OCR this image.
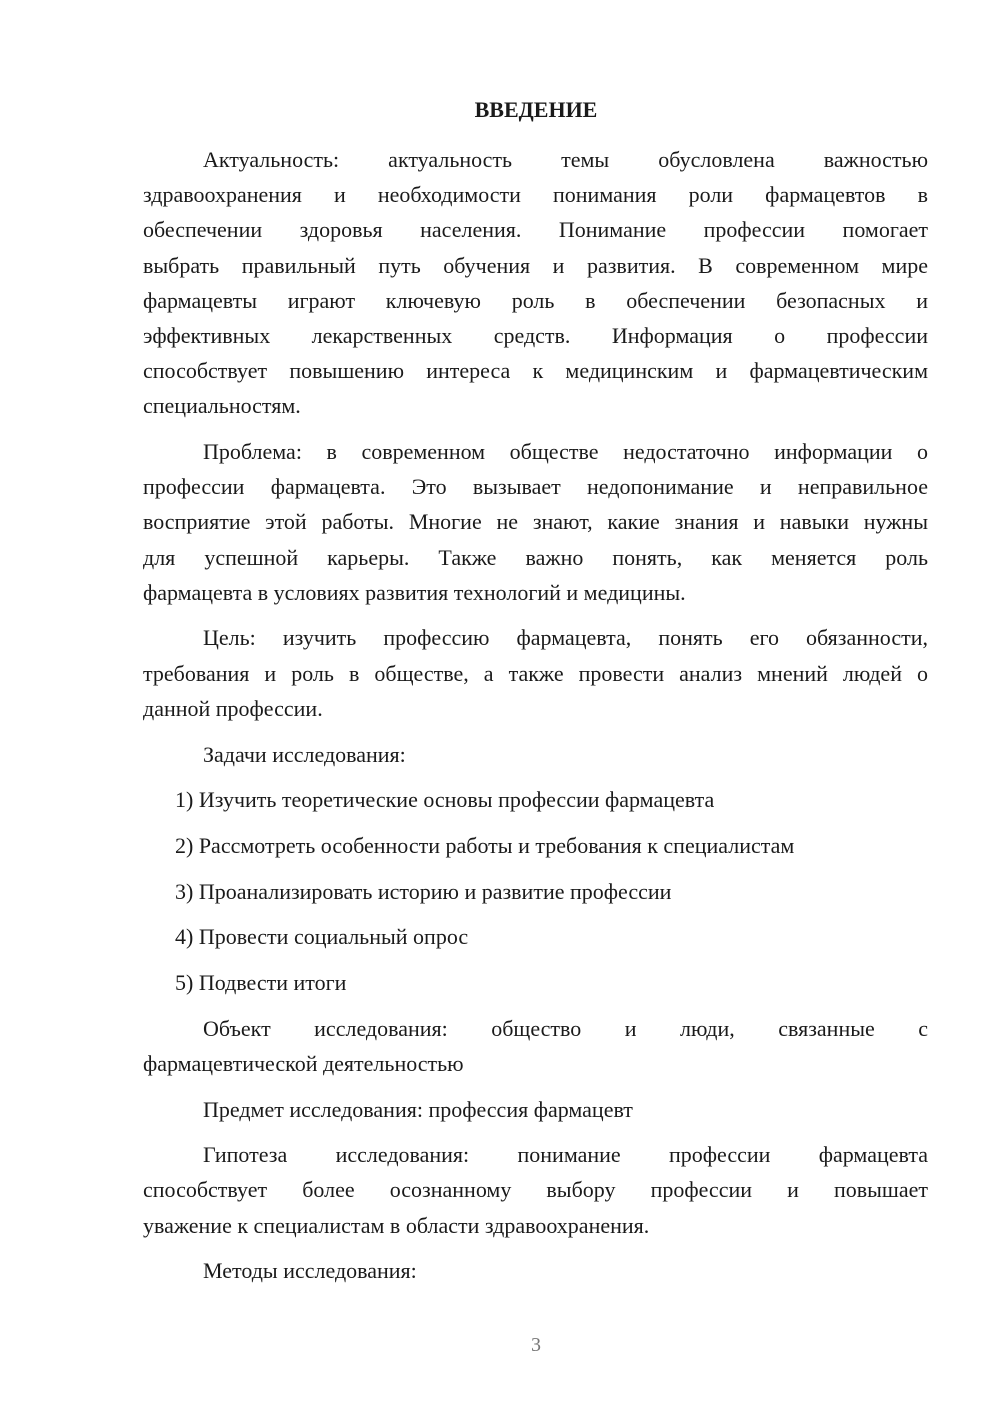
ВВЕДЕНИЕ
Актуальность: актуальность темы обусловлена важностью
здравоохранения и необходимости понимания роли фармацевтов в
обеспечении здоровья населения. Понимание профессии помогает
выбрать правильный путь обучения и развития. В современном мире
фармацевты играют ключевую роль в обеспечении безопасных и
эффективных лекарственных средств. Информация о профессии
способствует повышению интереса к медицинским и фармацевтическим
специальностям.
Проблема: в современном обществе недостаточно информации о
профессии фармацевта. Это вызывает недопонимание и неправильное
восприятие этой работы. Многие не знают, какие знания и навыки нужны
для успешной карьеры. Также важно понять, как меняется роль
фармацевта в условиях развития технологий и медицины.
Цель: изучить профессию фармацевта, понять его обязанности,
требования и роль в обществе, а также провести анализ мнений людей о
данной профессии.
Задачи исследования:
1) Изучить теоретические основы профессии фармацевта
2) Рассмотреть особенности работы и требования к специалистам
3) Проанализировать историю и развитие профессии
4) Провести социальный опрос
5) Подвести итоги
Объект исследования: общество и люди, связанные с
фармацевтической деятельностью
Предмет исследования: профессия фармацевт
Гипотеза исследования: понимание профессии фармацевта
способствует более осознанному выбору профессии и повышает
уважение к специалистам в области здравоохранения.
Методы исследования:
3
